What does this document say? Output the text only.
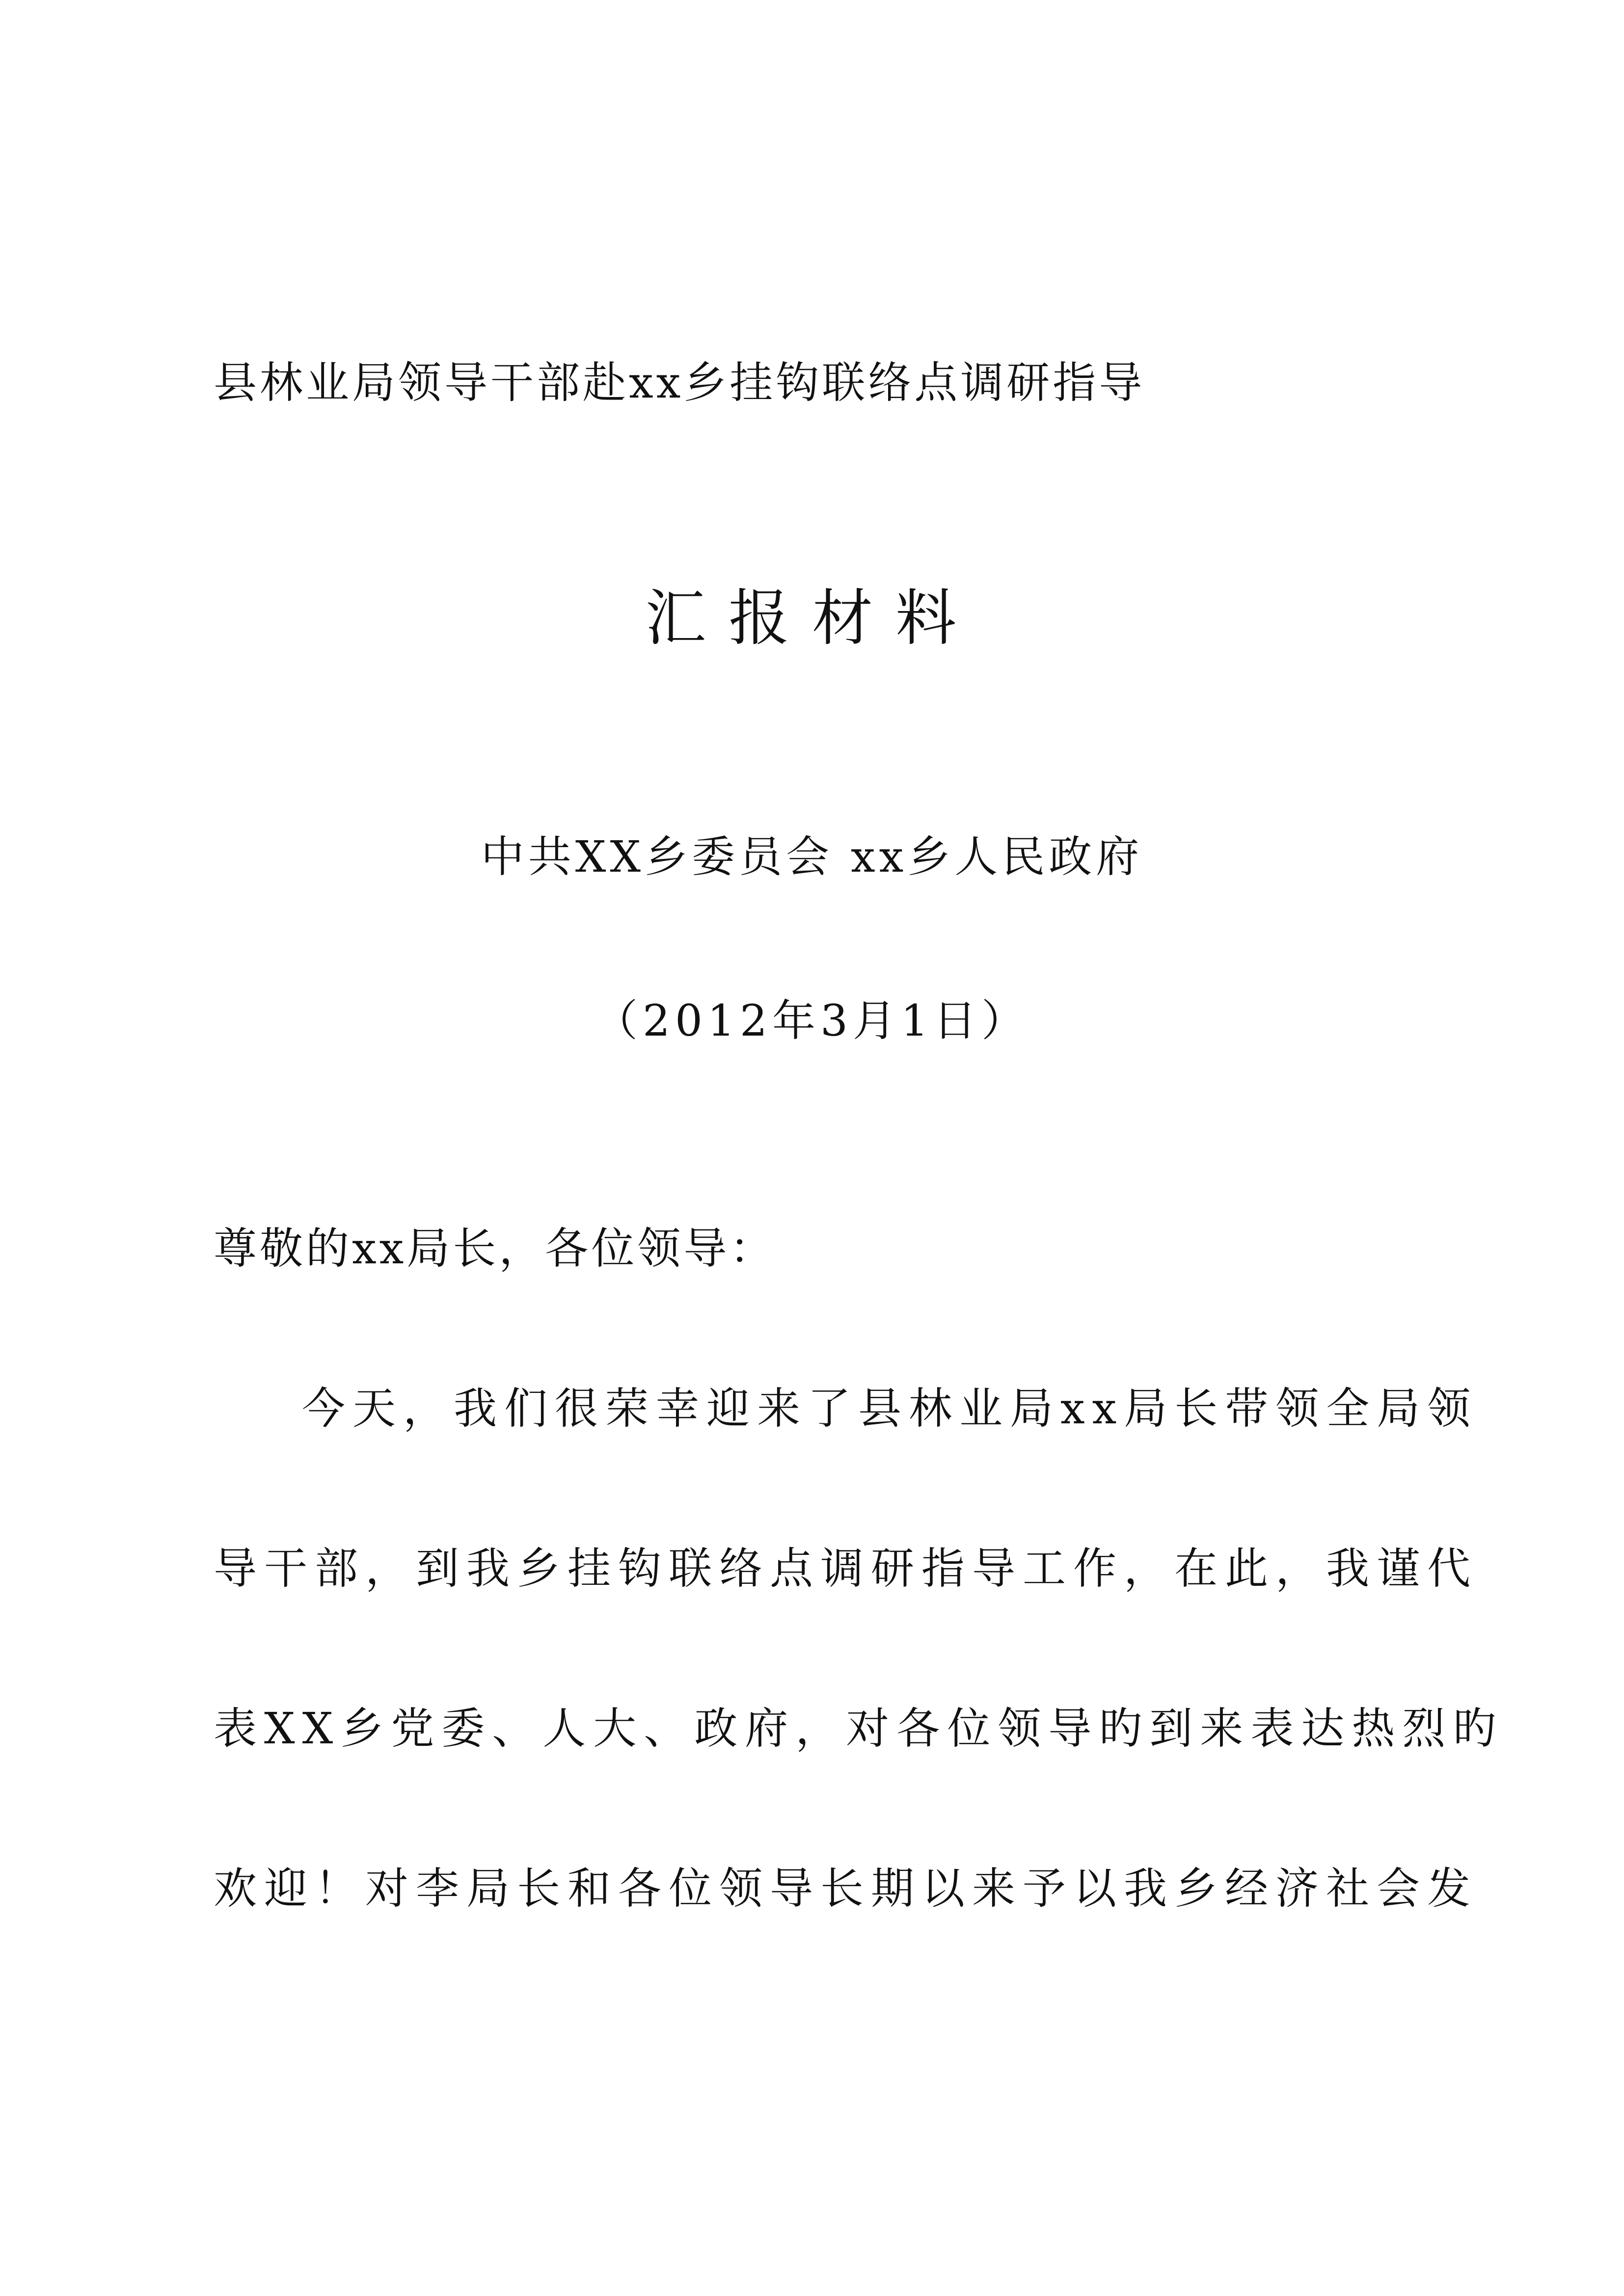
县林业局领导干部赴xx乡挂钩联络点调研指导
汇报材料
中共XX乡委员会 xx乡人民政府
（2012年3月1日）
尊敬的xx局长，各位领导：
今天，我们很荣幸迎来了县林业局xx局长带领全局领
导干部，到我乡挂钩联络点调研指导工作，在此，我谨代
表XX乡党委、人大、政府，对各位领导旳到来表达热烈旳
欢迎！对李局长和各位领导长期以来予以我乡经济社会发
